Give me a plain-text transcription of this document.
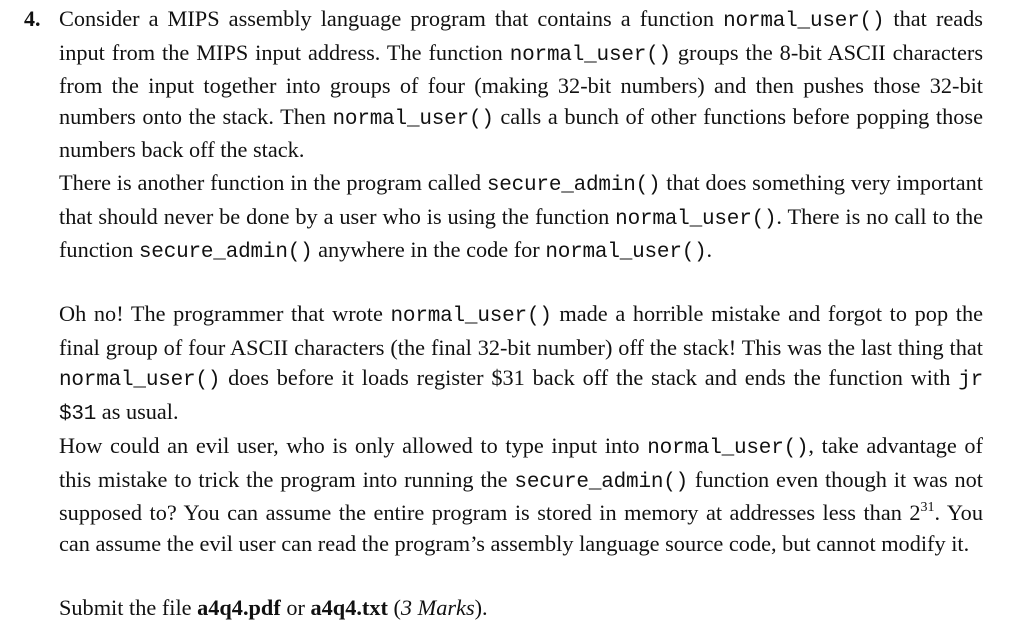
4. Consider a MIPS assembly language program that contains a function normal_user() that reads input from the MIPS input address. The function normal_user() groups the 8-bit ASCII characters from the input together into groups of four (making 32-bit numbers) and then pushes those 32-bit numbers onto the stack. Then normal_user() calls a bunch of other functions before popping those numbers back off the stack.
There is another function in the program called secure_admin() that does something very important that should never be done by a user who is using the function normal_user(). There is no call to the function secure_admin() anywhere in the code for normal_user().
Oh no! The programmer that wrote normal_user() made a horrible mistake and forgot to pop the final group of four ASCII characters (the final 32-bit number) off the stack! This was the last thing that normal_user() does before it loads register $31 back off the stack and ends the function with jr $31 as usual.
How could an evil user, who is only allowed to type input into normal_user(), take advantage of this mistake to trick the program into running the secure_admin() function even though it was not supposed to? You can assume the entire program is stored in memory at addresses less than $2^{31}$. You can assume the evil user can read the program’s assembly language source code, but cannot modify it.
Submit the file a4q4.pdf or a4q4.txt (3 Marks).
